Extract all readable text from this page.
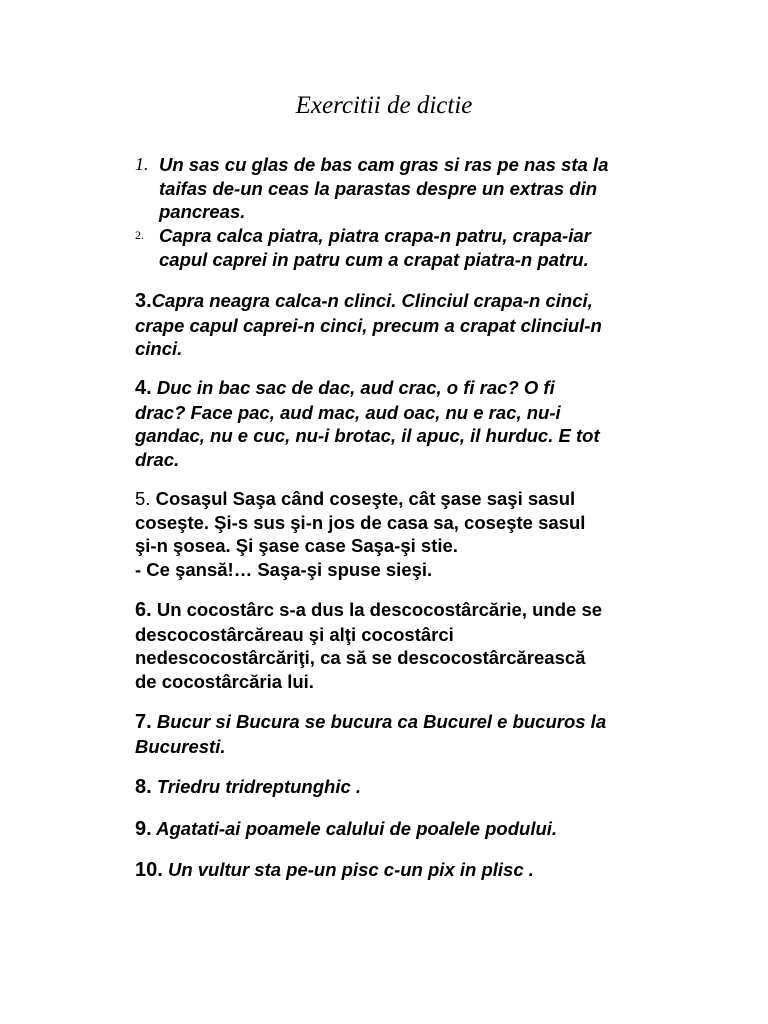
Exercitii de dictie
1. Un sas cu glas de bas cam gras si ras pe nas sta la
taifas de-un ceas la parastas despre un extras din
pancreas.
2. Capra calca piatra, piatra crapa-n patru, crapa-iar
capul caprei in patru cum a crapat piatra-n patru.
3.Capra neagra calca-n clinci. Clinciul crapa-n cinci,
crape capul caprei-n cinci, precum a crapat clinciul-n
cinci.
4. Duc in bac sac de dac, aud crac, o fi rac? O fi
drac? Face pac, aud mac, aud oac, nu e rac, nu-i
gandac, nu e cuc, nu-i brotac, il apuc, il hurduc. E tot
drac.
5. Cosaşul Saşa când coseşte, cât şase saşi sasul
coseşte. Şi-s sus şi-n jos de casa sa, coseşte sasul
şi-n şosea. Şi şase case Saşa-şi stie.
- Ce şansă!… Saşa-şi spuse sieşi.
6. Un cocostârc s-a dus la descocostârcărie, unde se
descocostârcăreau şi alţi cocostârci
nedescocostârcăriţi, ca să se descocostârcărească
de cocostârcăria lui.
7. Bucur si Bucura se bucura ca Bucurel e bucuros la
Bucuresti.
8. Triedru tridreptunghic .
9. Agatati-ai poamele calului de poalele podului.
10. Un vultur sta pe-un pisc c-un pix in plisc .
